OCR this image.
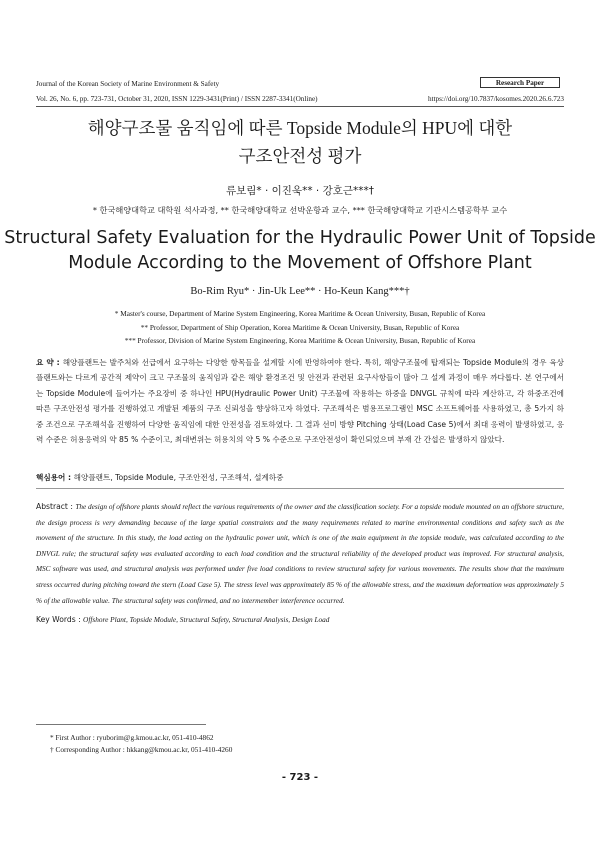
Journal of the Korean Society of Marine Environment & Safety
Vol. 26, No. 6, pp. 723-731, October 31, 2020, ISSN 1229-3431(Print) / ISSN 2287-3341(Online)
Research Paper
https://doi.org/10.7837/kosomes.2020.26.6.723
해양구조물 움직임에 따른 Topside Module의 HPU에 대한
구조안전성 평가
류보림* · 이진욱** · 강호근***†
* 한국해양대학교 대학원 석사과정, ** 한국해양대학교 선박운항과 교수, *** 한국해양대학교 기관시스템공학부 교수
Structural Safety Evaluation for the Hydraulic Power Unit of Topside
Module According to the Movement of Offshore Plant
Bo-Rim Ryu* · Jin-Uk Lee** · Ho-Keun Kang***†
* Master's course, Department of Marine System Engineering, Korea Maritime & Ocean University, Busan, Republic of Korea
** Professor, Department of Ship Operation, Korea Maritime & Ocean University, Busan, Republic of Korea
*** Professor, Division of Marine System Engineering, Korea Maritime & Ocean University, Busan, Republic of Korea
요 약 : 해양플랜트는 발주처와 선급에서 요구하는 다양한 항목들을 설계할 시에 반영하여야 한다. 특히, 해양구조물에 탑재되는 Topside Module의 경우 육상플랜트와는 다르게 공간적 제약이 크고 구조물의 움직임과 같은 해양 환경조건 및 안전과 관련된 요구사항들이 많아 그 설계 과정이 매우 까다롭다. 본 연구에서는 Topside Module에 들어가는 주요장비 중 하나인 HPU(Hydraulic Power Unit) 구조물에 작용하는 하중을 DNVGL 규칙에 따라 계산하고, 각 하중조건에 따른 구조안전성 평가를 진행하였고 개발된 제품의 구조 신뢰성을 향상하고자 하였다. 구조해석은 범용프로그램인 MSC 소프트웨어를 사용하였고, 총 5가지 하중 조건으로 구조해석을 진행하여 다양한 움직임에 대한 안전성을 검토하였다. 그 결과 선미 방향 Pitching 상태(Load Case 5)에서 최대 응력이 발생하였고, 응력 수준은 허용응력의 약 85 % 수준이고, 최대변위는 허용치의 약 5 % 수준으로 구조안전성이 확인되었으며 부재 간 간섭은 발생하지 않았다.
핵심용어 : 해양플랜트, Topside Module, 구조안전성, 구조해석, 설계하중
Abstract : The design of offshore plants should reflect the various requirements of the owner and the classification society. For a topside module mounted on an offshore structure, the design process is very demanding because of the large spatial constraints and the many requirements related to marine environmental conditions and safety such as the movement of the structure. In this study, the load acting on the hydraulic power unit, which is one of the main equipment in the topside module, was calculated according to the DNVGL rule; the structural safety was evaluated according to each load condition and the structural reliability of the developed product was improved. For structural analysis, MSC software was used, and structural analysis was performed under five load conditions to review structural safety for various movements. The results show that the maximum stress occurred during pitching toward the stern (Load Case 5). The stress level was approximately 85 % of the allowable stress, and the maximum deformation was approximately 5 % of the allowable value. The structural safety was confirmed, and no intermember interference occurred.
Key Words : Offshore Plant, Topside Module, Structural Safety, Structural Analysis, Design Load
* First Author : ryuborim@g.kmou.ac.kr, 051-410-4862
† Corresponding Author : hkkang@kmou.ac.kr, 051-410-4260
- 723 -
